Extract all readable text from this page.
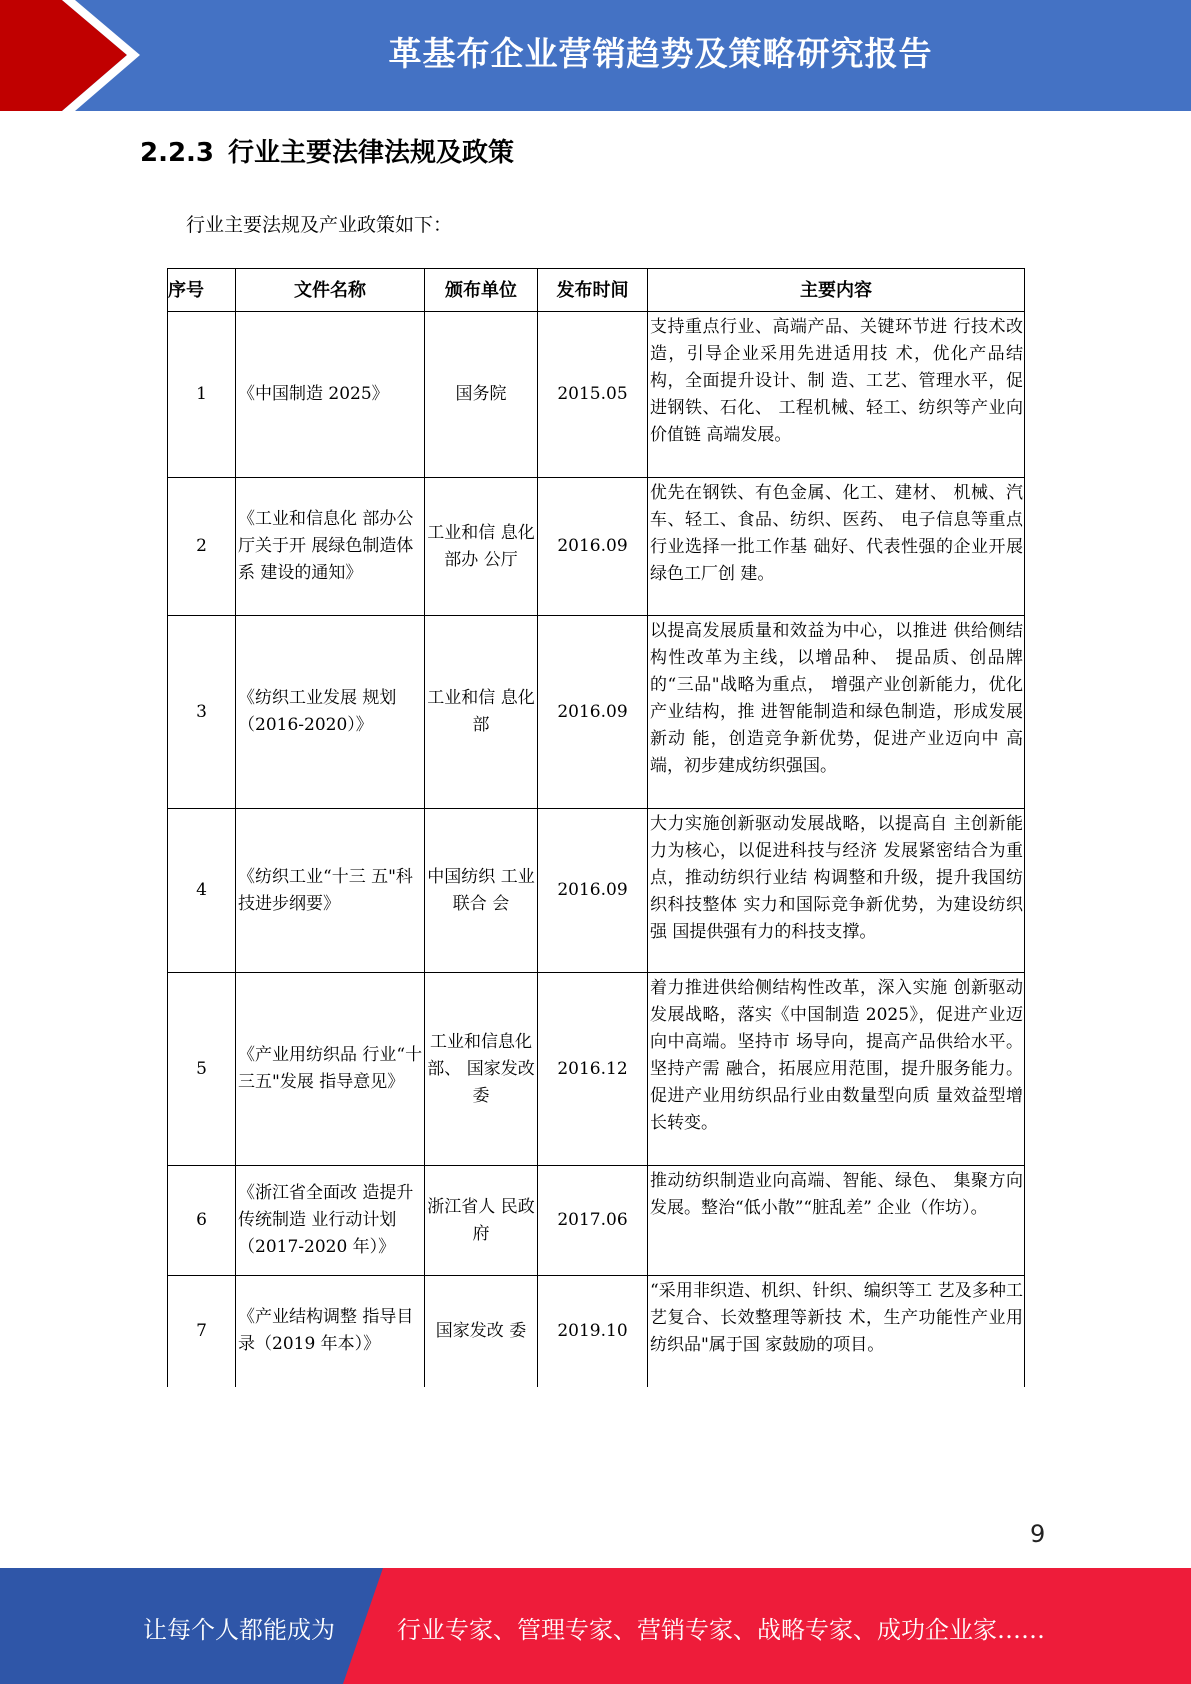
革基布企业营销趋势及策略研究报告
2.2.3 行业主要法律法规及政策
行业主要法规及产业政策如下：
序号	文件名称	颁布单位	发布时间	主要内容
1	《中国制造 2025》	国务院	2015.05	支持重点行业、高端产品、关键环节进 行技术改造，引导企业采用先进适用技 术，优化产品结构，全面提升设计、制 造、工艺、管理水平，促进钢铁、石化、 工程机械、轻工、纺织等产业向价值链 高端发展。
2	《工业和信息化 部办公厅关于开 展绿色制造体系 建设的通知》	工业和信 息化部办 公厅	2016.09	优先在钢铁、有色金属、化工、建材、 机械、汽车、轻工、食品、纺织、医药、 电子信息等重点行业选择一批工作基 础好、代表性强的企业开展绿色工厂创 建。
3	《纺织工业发展 规划（2016-2020）》	工业和信 息化部	2016.09	以提高发展质量和效益为中心，以推进 供给侧结构性改革为主线，以增品种、 提品质、创品牌的“三品"战略为重点， 增强产业创新能力，优化产业结构，推 进智能制造和绿色制造，形成发展新动 能，创造竞争新优势，促进产业迈向中 高端，初步建成纺织强国。
4	《纺织工业“十三 五"科技进步纲要》	中国纺织 工业联合 会	2016.09	大力实施创新驱动发展战略，以提高自 主创新能力为核心，以促进科技与经济 发展紧密结合为重点，推动纺织行业结 构调整和升级，提升我国纺织科技整体 实力和国际竞争新优势，为建设纺织强 国提供强有力的科技支撑。
5	《产业用纺织品 行业“十三五"发展 指导意见》	工业和信息化部、 国家发改 委	2016.12	着力推进供给侧结构性改革，深入实施 创新驱动发展战略，落实《中国制造 2025》，促进产业迈向中高端。坚持市 场导向，提高产品供给水平。坚持产需 融合，拓展应用范围，提升服务能力。 促进产业用纺织品行业由数量型向质 量效益型增长转变。
6	《浙江省全面改 造提升传统制造 业行动计划 （2017-2020 年）》	浙江省人 民政府	2017.06	推动纺织制造业向高端、智能、绿色、 集聚方向发展。整治“低小散”“脏乱差” 企业（作坊）。
7	《产业结构调整 指导目录（2019 年本）》	国家发改 委	2019.10	“采用非织造、机织、针织、编织等工 艺及多种工艺复合、长效整理等新技 术，生产功能性产业用纺织品"属于国 家鼓励的项目。
9
让每个人都能成为	行业专家、管理专家、营销专家、战略专家、成功企业家……
